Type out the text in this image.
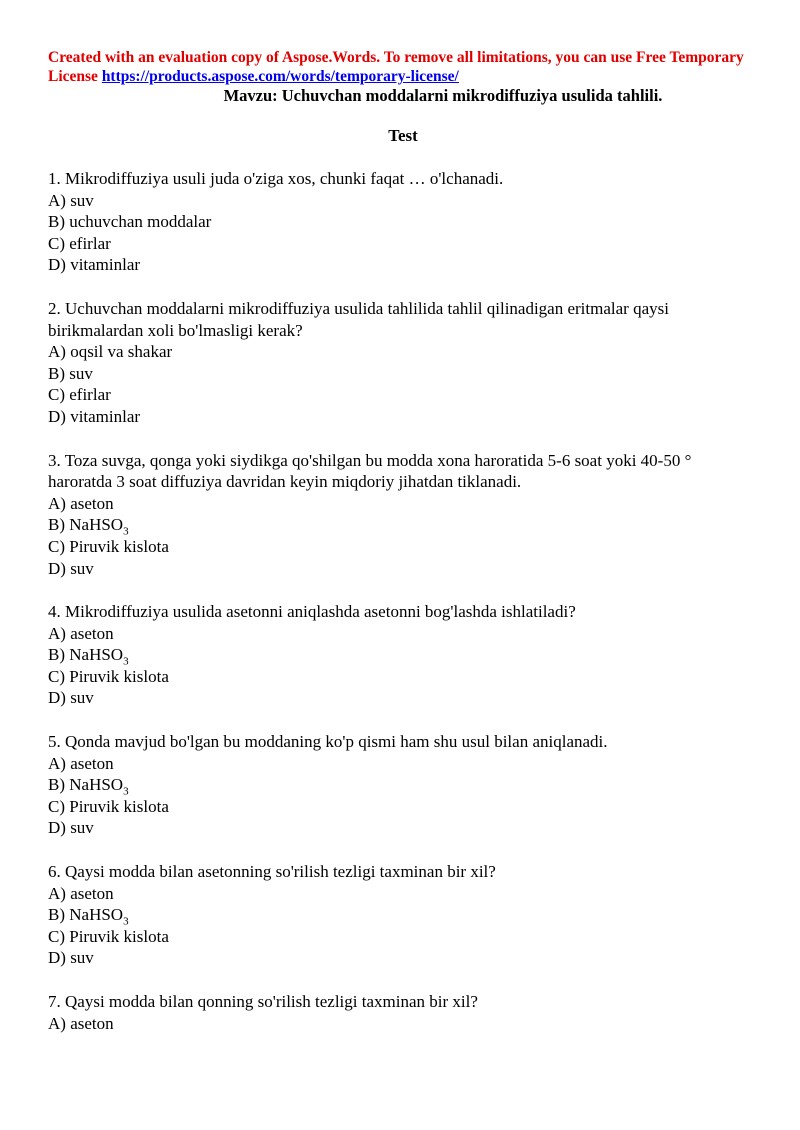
Created with an evaluation copy of Aspose.Words. To remove all limitations, you can use Free Temporary License https://products.aspose.com/words/temporary-license/

Mavzu: Uchuvchan moddalarni mikrodiffuziya usulida tahlili.

Test

1. Mikrodiffuziya usuli juda o'ziga xos, chunki faqat … o'lchanadi.

A) suv

B) uchuvchan moddalar

C) efirlar

D) vitaminlar

2. Uchuvchan moddalarni mikrodiffuziya usulida tahlilida tahlil qilinadigan eritmalar qaysi birikmalardan xoli bo'lmasligi kerak?

A) oqsil va shakar

B) suv

C) efirlar

D) vitaminlar

3. Toza suvga, qonga yoki siydikga qo'shilgan bu modda xona haroratida 5-6 soat yoki 40-50 ° haroratda 3 soat diffuziya davridan keyin miqdoriy jihatdan tiklanadi.

A) aseton

B) NaHSO$_3$

C) Piruvik kislota

D) suv

4. Mikrodiffuziya usulida asetonni aniqlashda asetonni bog'lashda ishlatiladi?

A) aseton

B) NaHSO$_3$

C) Piruvik kislota

D) suv

5. Qonda mavjud bo'lgan bu moddaning ko'p qismi ham shu usul bilan aniqlanadi.

A) aseton

B) NaHSO$_3$

C) Piruvik kislota

D) suv

6. Qaysi modda bilan asetonning so'rilish tezligi taxminan bir xil?

A) aseton

B) NaHSO$_3$

C) Piruvik kislota

D) suv

7. Qaysi modda bilan qonning so'rilish tezligi taxminan bir xil?

A) aseton
